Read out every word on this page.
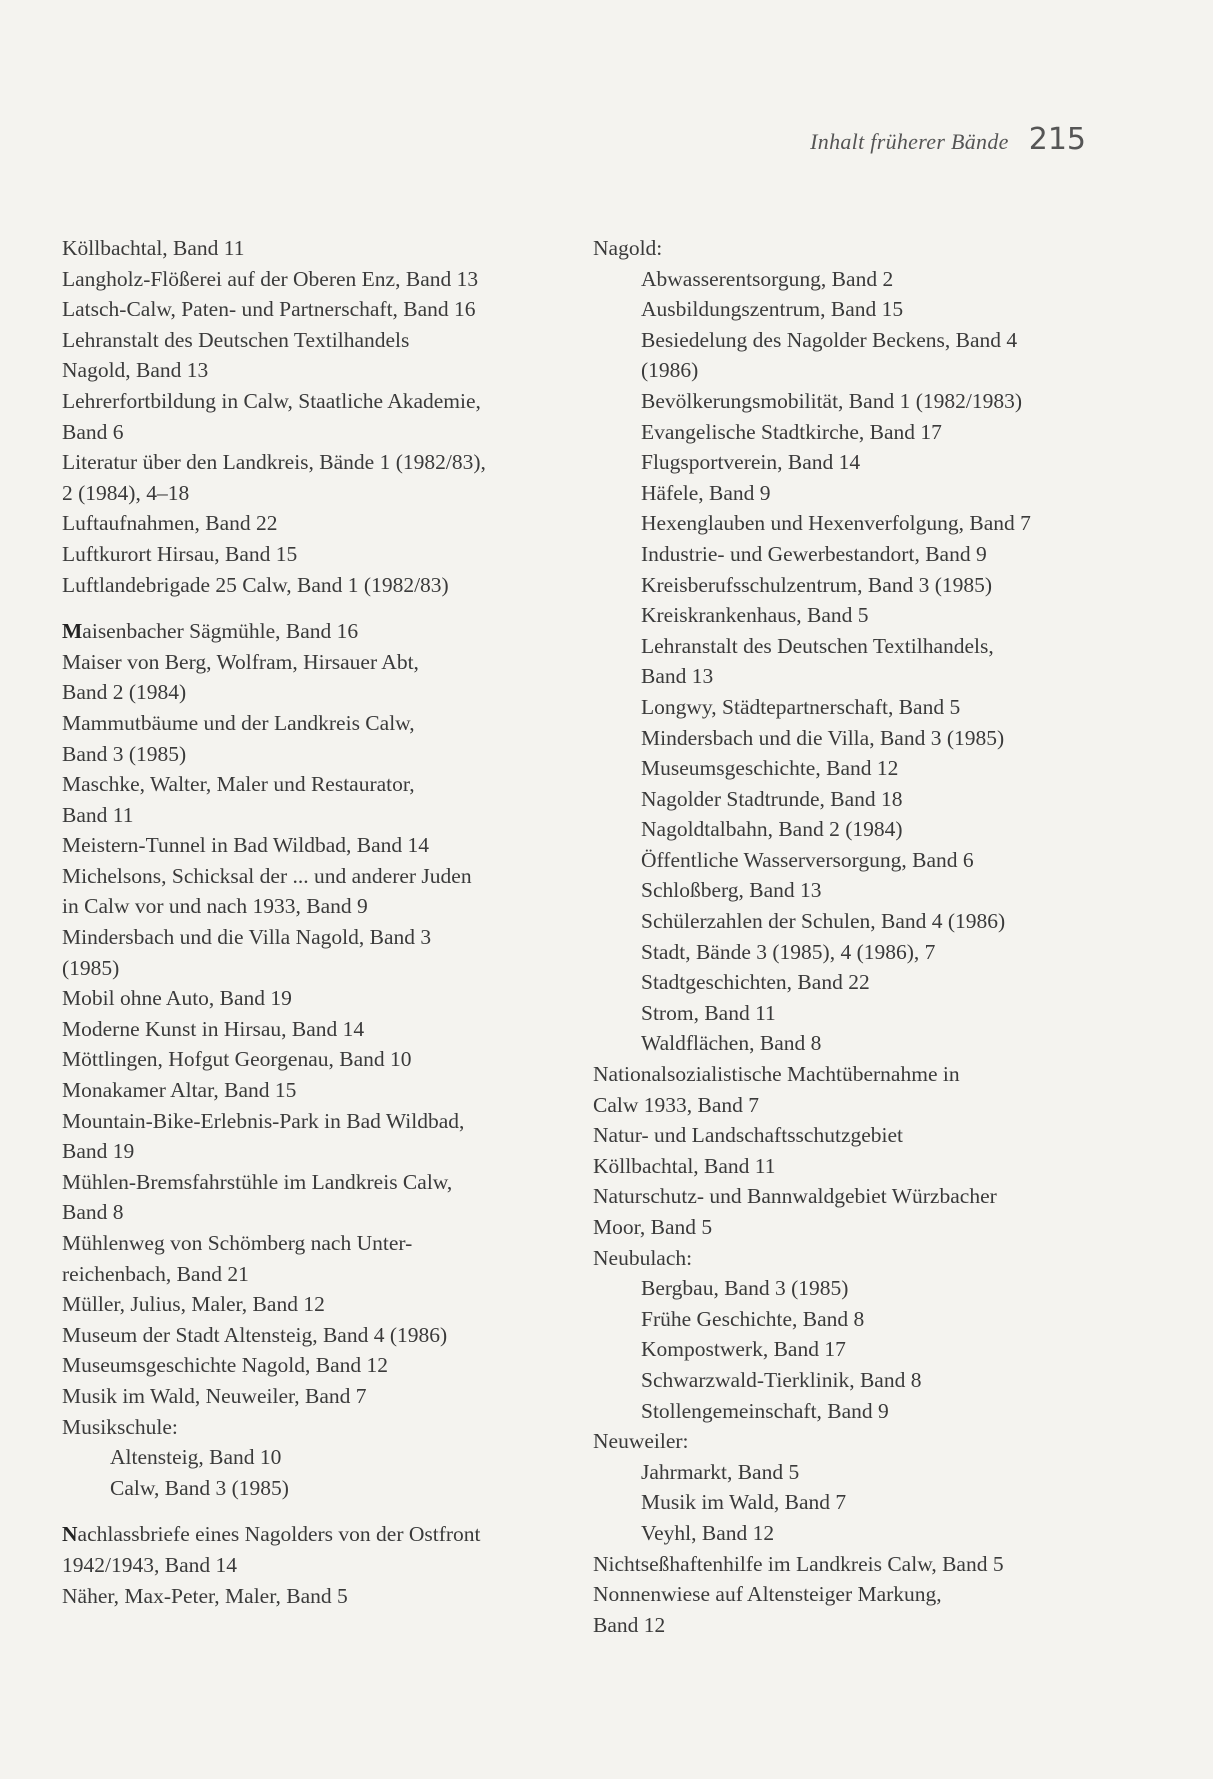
Inhalt früherer Bände 215
Köllbachtal, Band 11
Langholz-Flößerei auf der Oberen Enz, Band 13
Latsch-Calw, Paten- und Partnerschaft, Band 16
Lehranstalt des Deutschen Textilhandels
Nagold, Band 13
Lehrerfortbildung in Calw, Staatliche Akademie,
Band 6
Literatur über den Landkreis, Bände 1 (1982/83),
2 (1984), 4–18
Luftaufnahmen, Band 22
Luftkurort Hirsau, Band 15
Luftlandebrigade 25 Calw, Band 1 (1982/83)
Maisenbacher Sägmühle, Band 16
Maiser von Berg, Wolfram, Hirsauer Abt,
Band 2 (1984)
Mammutbäume und der Landkreis Calw,
Band 3 (1985)
Maschke, Walter, Maler und Restaurator,
Band 11
Meistern-Tunnel in Bad Wildbad, Band 14
Michelsons, Schicksal der ... und anderer Juden
in Calw vor und nach 1933, Band 9
Mindersbach und die Villa Nagold, Band 3
(1985)
Mobil ohne Auto, Band 19
Moderne Kunst in Hirsau, Band 14
Möttlingen, Hofgut Georgenau, Band 10
Monakamer Altar, Band 15
Mountain-Bike-Erlebnis-Park in Bad Wildbad,
Band 19
Mühlen-Bremsfahrstühle im Landkreis Calw,
Band 8
Mühlenweg von Schömberg nach Unter-
reichenbach, Band 21
Müller, Julius, Maler, Band 12
Museum der Stadt Altensteig, Band 4 (1986)
Museumsgeschichte Nagold, Band 12
Musik im Wald, Neuweiler, Band 7
Musikschule:
Altensteig, Band 10
Calw, Band 3 (1985)
Nachlassbriefe eines Nagolders von der Ostfront
1942/1943, Band 14
Näher, Max-Peter, Maler, Band 5
Nagold:
Abwasserentsorgung, Band 2
Ausbildungszentrum, Band 15
Besiedelung des Nagolder Beckens, Band 4
(1986)
Bevölkerungsmobilität, Band 1 (1982/1983)
Evangelische Stadtkirche, Band 17
Flugsportverein, Band 14
Häfele, Band 9
Hexenglauben und Hexenverfolgung, Band 7
Industrie- und Gewerbestandort, Band 9
Kreisberufsschulzentrum, Band 3 (1985)
Kreiskrankenhaus, Band 5
Lehranstalt des Deutschen Textilhandels,
Band 13
Longwy, Städtepartnerschaft, Band 5
Mindersbach und die Villa, Band 3 (1985)
Museumsgeschichte, Band 12
Nagolder Stadtrunde, Band 18
Nagoldtalbahn, Band 2 (1984)
Öffentliche Wasserversorgung, Band 6
Schloßberg, Band 13
Schülerzahlen der Schulen, Band 4 (1986)
Stadt, Bände 3 (1985), 4 (1986), 7
Stadtgeschichten, Band 22
Strom, Band 11
Waldflächen, Band 8
Nationalsozialistische Machtübernahme in
Calw 1933, Band 7
Natur- und Landschaftsschutzgebiet
Köllbachtal, Band 11
Naturschutz- und Bannwaldgebiet Würzbacher
Moor, Band 5
Neubulach:
Bergbau, Band 3 (1985)
Frühe Geschichte, Band 8
Kompostwerk, Band 17
Schwarzwald-Tierklinik, Band 8
Stollengemeinschaft, Band 9
Neuweiler:
Jahrmarkt, Band 5
Musik im Wald, Band 7
Veyhl, Band 12
Nichtseßhaftenhilfe im Landkreis Calw, Band 5
Nonnenwiese auf Altensteiger Markung,
Band 12
